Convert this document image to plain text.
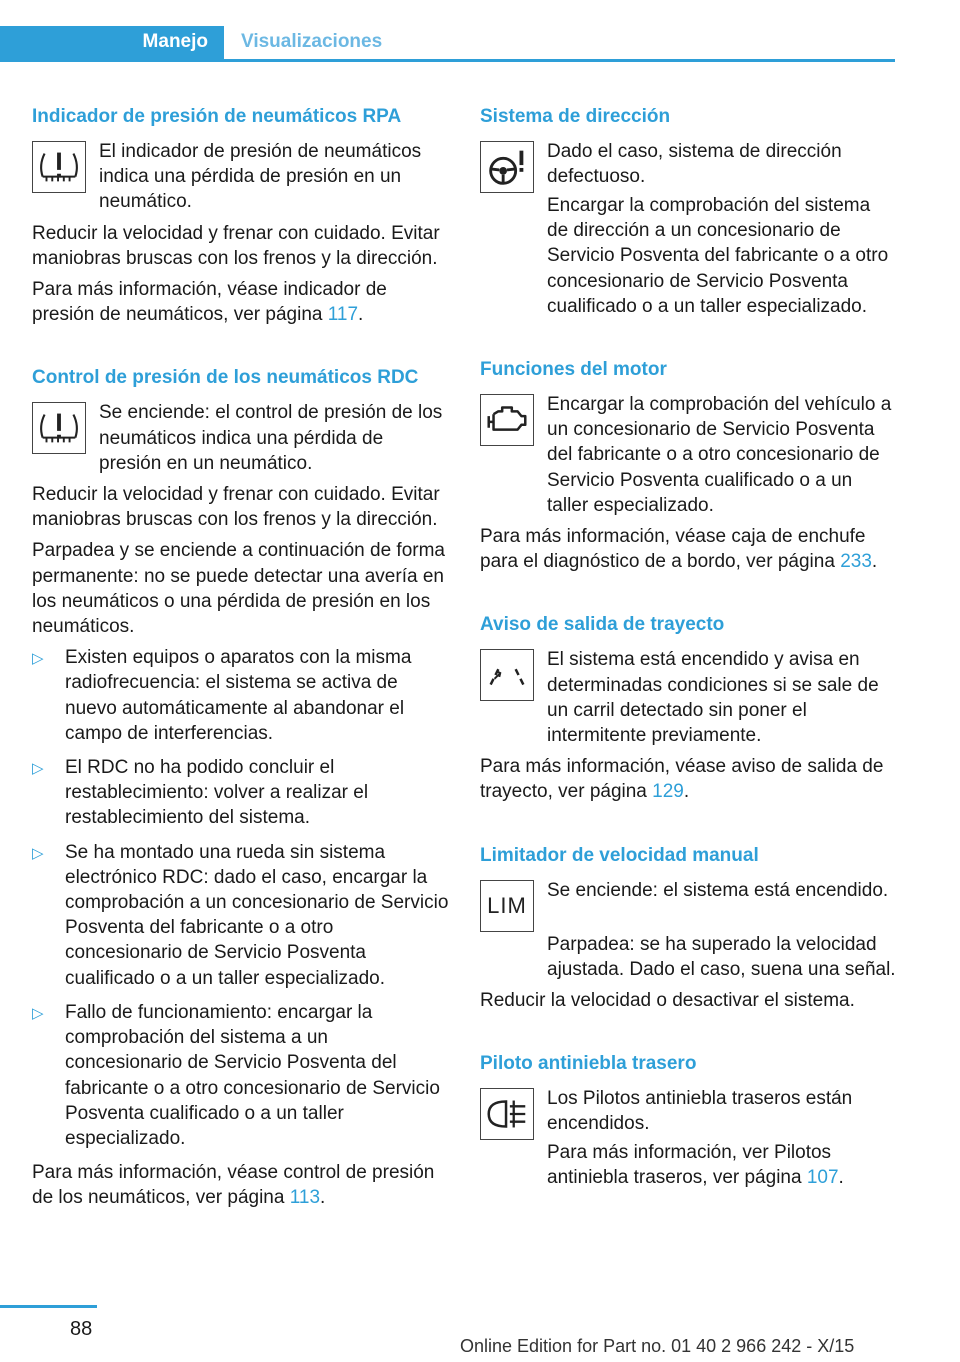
Manejo Visualizaciones
Indicador de presión de neumáticos RPA

El indicador de presión de neumáticos indica una pérdida de presión en un neumático.

Reducir la velocidad y frenar con cuidado. Evitar maniobras bruscas con los frenos y la dirección.

Para más información, véase indicador de presión de neumáticos, ver página 117.

Control de presión de los neumáticos RDC

Se enciende: el control de presión de los neumáticos indica una pérdida de presión en un neumático.

Reducir la velocidad y frenar con cuidado. Evitar maniobras bruscas con los frenos y la dirección.

Parpadea y se enciende a continuación de forma permanente: no se puede detectar una avería en los neumáticos o una pérdida de presión en los neumáticos.

▷ Existen equipos o aparatos con la misma radiofrecuencia: el sistema se activa de nuevo automáticamente al abandonar el campo de interferencias.
▷ El RDC no ha podido concluir el restablecimiento: volver a realizar el restablecimiento del sistema.
▷ Se ha montado una rueda sin sistema electrónico RDC: dado el caso, encargar la comprobación a un concesionario de Servicio Posventa del fabricante o a otro concesionario de Servicio Posventa cualificado o a un taller especializado.
▷ Fallo de funcionamiento: encargar la comprobación del sistema a un concesionario de Servicio Posventa del fabricante o a otro concesionario de Servicio Posventa cualificado o a un taller especializado.

Para más información, véase control de presión de los neumáticos, ver página 113.

Sistema de dirección

Dado el caso, sistema de dirección defectuoso.

Encargar la comprobación del sistema de dirección a un concesionario de Servicio Posventa del fabricante o a otro concesionario de Servicio Posventa cualificado o a un taller especializado.

Funciones del motor

Encargar la comprobación del vehículo a un concesionario de Servicio Posventa del fabricante o a otro concesionario de Servicio Posventa cualificado o a un taller especializado.

Para más información, véase caja de enchufe para el diagnóstico de a bordo, ver página 233.

Aviso de salida de trayecto

El sistema está encendido y avisa en determinadas condiciones si se sale de un carril detectado sin poner el intermitente previamente.

Para más información, véase aviso de salida de trayecto, ver página 129.

Limitador de velocidad manual
LIM

Se enciende: el sistema está encendido.

Parpadea: se ha superado la velocidad ajustada. Dado el caso, suena una señal.

Reducir la velocidad o desactivar el sistema.

Piloto antiniebla trasero

Los Pilotos antiniebla traseros están encendidos.

Para más información, ver Pilotos antiniebla traseros, ver página 107.

88
Online Edition for Part no. 01 40 2 966 242 - X/15
